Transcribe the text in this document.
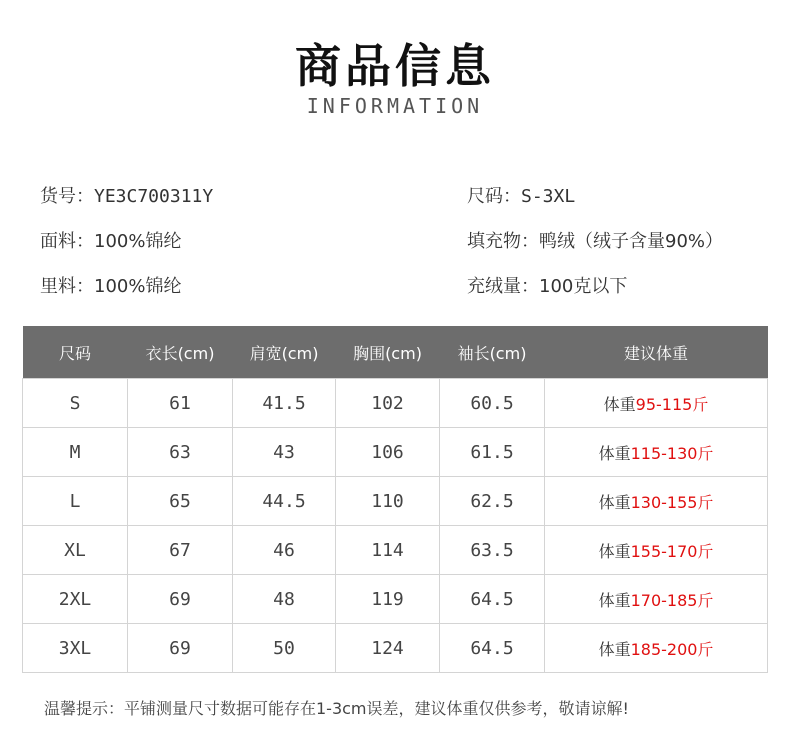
商品信息
INFORMATION
货号：YE3C700311Y
面料：100%锦纶
里料：100%锦纶
尺码：S-3XL
填充物：鸭绒（绒子含量90%）
充绒量：100克以下
尺码	衣长(cm)	肩宽(cm)	胸围(cm)	袖长(cm)	建议体重
S	61	41.5	102	60.5	体重95-115斤
M	63	43	106	61.5	体重115-130斤
L	65	44.5	110	62.5	体重130-155斤
XL	67	46	114	63.5	体重155-170斤
2XL	69	48	119	64.5	体重170-185斤
3XL	69	50	124	64.5	体重185-200斤
温馨提示：平铺测量尺寸数据可能存在1-3cm误差，建议体重仅供参考，敬请谅解!
